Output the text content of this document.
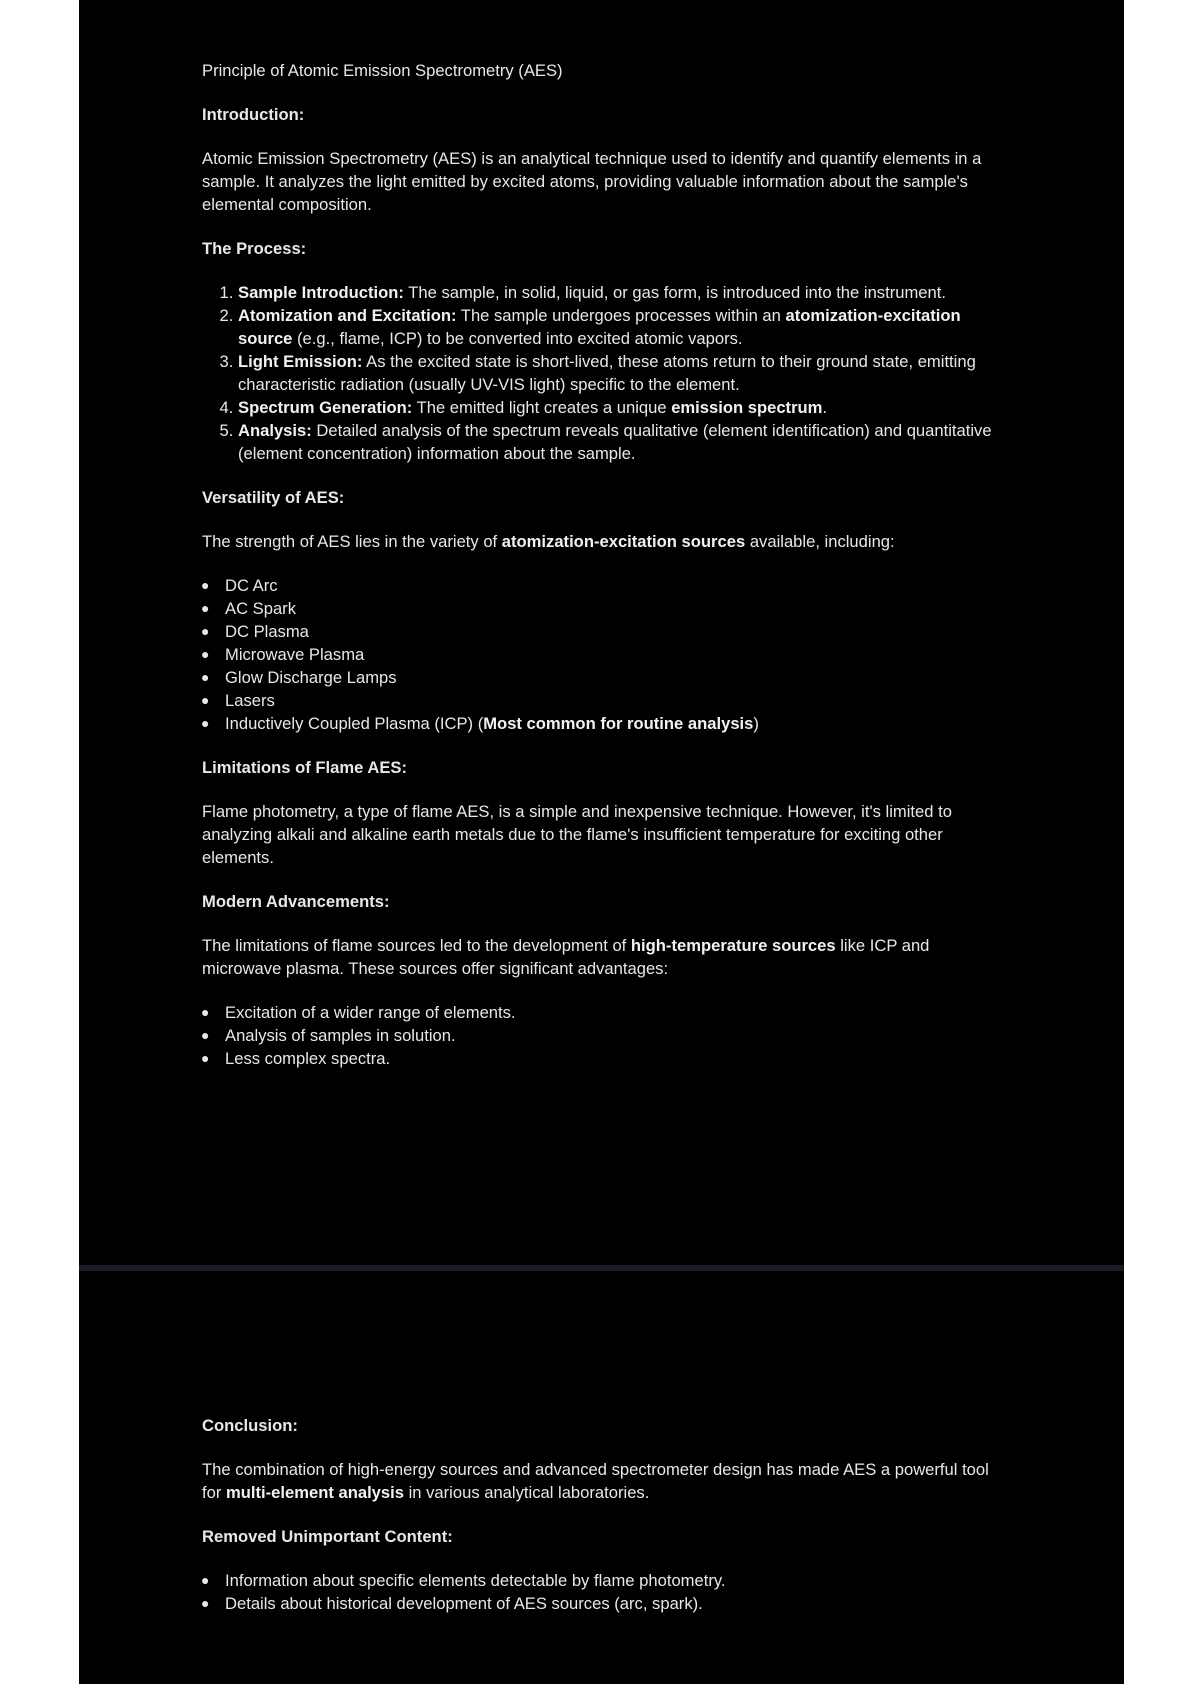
Principle of Atomic Emission Spectrometry (AES)

Introduction:

Atomic Emission Spectrometry (AES) is an analytical technique used to identify and quantify elements in a sample. It analyzes the light emitted by excited atoms, providing valuable information about the sample's elemental composition.

The Process:

1. Sample Introduction: The sample, in solid, liquid, or gas form, is introduced into the instrument.
2. Atomization and Excitation: The sample undergoes processes within an atomization-excitation source (e.g., flame, ICP) to be converted into excited atomic vapors.
3. Light Emission: As the excited state is short-lived, these atoms return to their ground state, emitting characteristic radiation (usually UV-VIS light) specific to the element.
4. Spectrum Generation: The emitted light creates a unique emission spectrum.
5. Analysis: Detailed analysis of the spectrum reveals qualitative (element identification) and quantitative (element concentration) information about the sample.

Versatility of AES:

The strength of AES lies in the variety of atomization-excitation sources available, including:

● DC Arc
● AC Spark
● DC Plasma
● Microwave Plasma
● Glow Discharge Lamps
● Lasers
● Inductively Coupled Plasma (ICP) (Most common for routine analysis)

Limitations of Flame AES:

Flame photometry, a type of flame AES, is a simple and inexpensive technique. However, it's limited to analyzing alkali and alkaline earth metals due to the flame's insufficient temperature for exciting other elements.

Modern Advancements:

The limitations of flame sources led to the development of high-temperature sources like ICP and microwave plasma. These sources offer significant advantages:

● Excitation of a wider range of elements.
● Analysis of samples in solution.
● Less complex spectra.

Conclusion:

The combination of high-energy sources and advanced spectrometer design has made AES a powerful tool for multi-element analysis in various analytical laboratories.

Removed Unimportant Content:

● Information about specific elements detectable by flame photometry.
● Details about historical development of AES sources (arc, spark).
